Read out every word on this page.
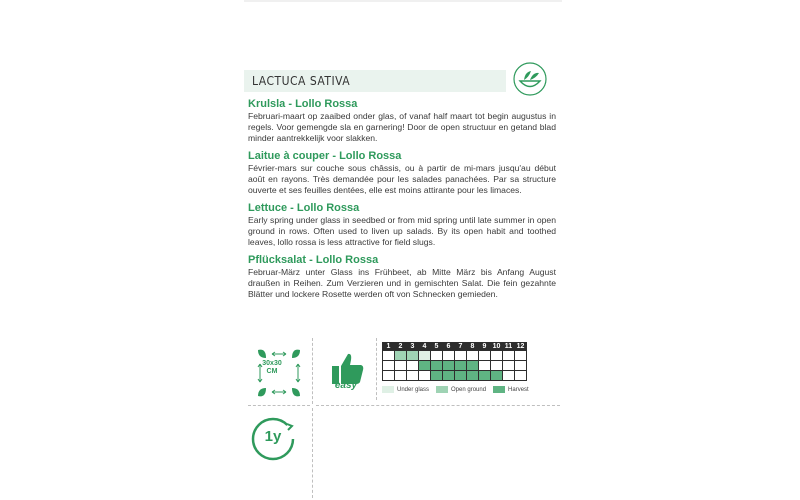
LACTUCA SATIVA
Krulsla - Lollo Rossa
Februari-maart op zaaibed onder glas, of vanaf half maart tot begin augustus in regels. Voor gemengde sla en garnering! Door de open structuur en getand blad minder aantrekkelijk voor slakken.
Laitue à couper - Lollo Rossa
Février-mars sur couche sous châssis, ou à partir de mi-mars jusqu'au début août en rayons. Très demandée pour les salades panachées. Par sa structure ouverte et ses feuilles dentées, elle est moins attirante pour les limaces.
Lettuce - Lollo Rossa
Early spring under glass in seedbed or from mid spring until late summer in open ground in rows. Often used to liven up salads. By its open habit and toothed leaves, lollo rossa is less attractive for field slugs.
Pflücksalat - Lollo Rossa
Februar-März unter Glass ins Frühbeet, ab Mitte März bis Anfang August draußen in Reihen. Zum Verzieren und in gemischten Salat. Die fein gezahnte Blätter und lockere Rosette werden oft von Schnecken gemieden.
30x30
CM
easy
1	2	3	4	5	6	7	8	9 10 11 12
Under glass	Open ground	Harvest
1y
